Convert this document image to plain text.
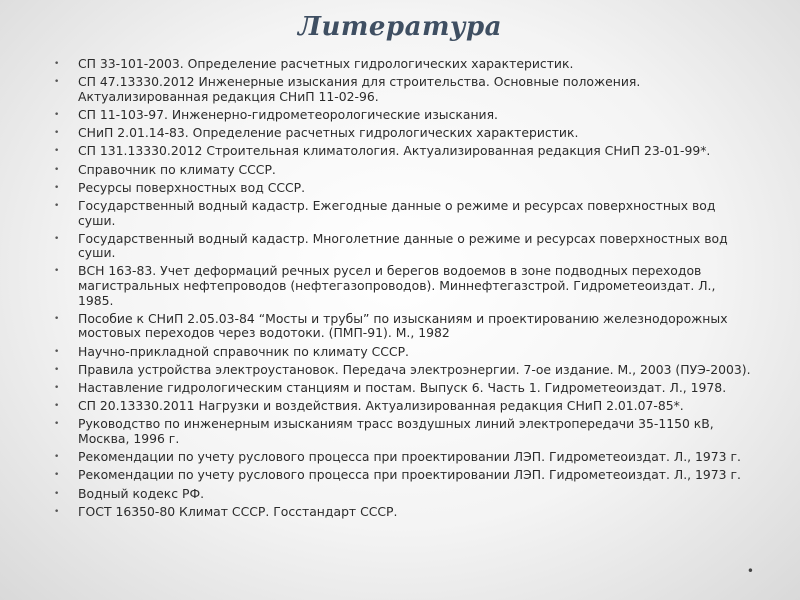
Литература
• СП 33-101-2003. Определение расчетных гидрологических характеристик.
• СП 47.13330.2012 Инженерные изыскания для строительства. Основные положения. Актуализированная редакция СНиП 11-02-96.
• СП 11-103-97. Инженерно-гидрометеорологические изыскания.
• СНиП 2.01.14-83. Определение расчетных гидрологических характеристик.
• СП 131.13330.2012 Строительная климатология. Актуализированная редакция СНиП 23-01-99*.
• Справочник по климату СССР.
• Ресурсы поверхностных вод СССР.
• Государственный водный кадастр. Ежегодные данные о режиме и ресурсах поверхностных вод суши.
• Государственный водный кадастр. Многолетние данные о режиме и ресурсах поверхностных вод суши.
• ВСН 163-83. Учет деформаций речных русел и берегов водоемов в зоне подводных переходов магистральных нефтепроводов (нефтегазопроводов). Миннефтегазстрой. Гидрометеоиздат. Л., 1985.
• Пособие к СНиП 2.05.03-84 “Мосты и трубы” по изысканиям и проектированию железнодорожных мостовых переходов через водотоки. (ПМП-91). М., 1982
• Научно-прикладной справочник по климату СССР.
• Правила устройства электроустановок. Передача электроэнергии. 7-ое издание. М., 2003 (ПУЭ-2003).
• Наставление гидрологическим станциям и постам. Выпуск 6. Часть 1. Гидрометеоиздат. Л., 1978.
• СП 20.13330.2011 Нагрузки и воздействия. Актуализированная редакция СНиП 2.01.07-85*.
• Руководство по инженерным изысканиям трасс воздушных линий электропередачи 35-1150 кВ, Москва, 1996 г.
• Рекомендации по учету руслового процесса при проектировании ЛЭП. Гидрометеоиздат. Л., 1973 г.
• Рекомендации по учету руслового процесса при проектировании ЛЭП. Гидрометеоиздат. Л., 1973 г.
• Водный кодекс РФ.
• ГОСТ 16350-80 Климат СССР. Госстандарт СССР.
•
